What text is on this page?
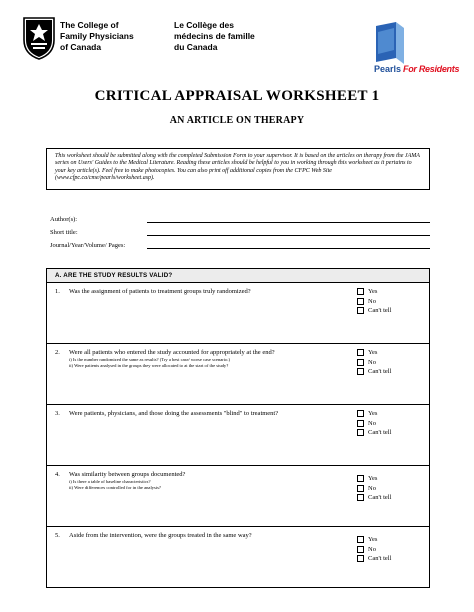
The College of
Family Physicians
of Canada
Le Collège des
médecins de famille
du Canada
Pearls For Residents
CRITICAL APPRAISAL WORKSHEET 1
AN ARTICLE ON THERAPY
This worksheet should be submitted along with the completed Submission Form to your supervisor. It is based on the articles on therapy from the JAMA series on Users' Guides to the Medical Literature. Reading these articles should be helpful to you in working through this worksheet as it pertains to your key article(s). Feel free to make photocopies. You can also print off additional copies from the CFPC Web Site (www.cfpc.ca/cme/pearls/worksheet.asp).
Author(s):
Short title:
Journal/Year/Volume/ Pages:
A. ARE THE STUDY RESULTS VALID?
1. Was the assignment of patients to treatment groups truly randomized?	Yes
No
Can't tell
2. Were all patients who entered the study accounted for appropriately at the end?
i) Is the number randomized the same as results? (Try a best case/ worse case scenario.)
ii) Were patients analysed in the groups they were allocated to at the start of the study?
Yes
No
Can't tell
3. Were patients, physicians, and those doing the assessments "blind" to treatment?	Yes
No
Can't tell
4. Was similarity between groups documented?
i) Is there a table of baseline characteristics?
ii) Were differences controlled for in the analysis?
Yes
No
Can't tell
5. Aside from the intervention, were the groups treated in the same way?
Yes
No
Can't tell
